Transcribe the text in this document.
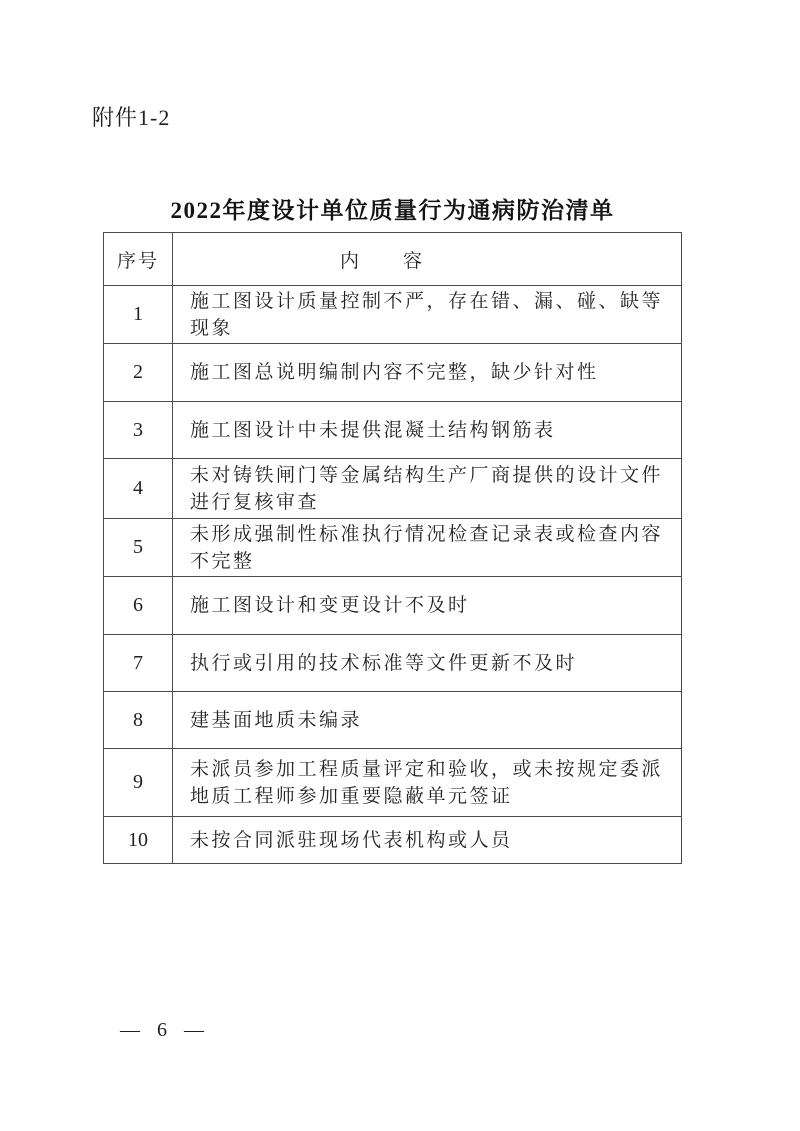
附件1-2
2022年度设计单位质量行为通病防治清单
序号	内　　容
1	施工图设计质量控制不严，存在错、漏、碰、缺等现象
2	施工图总说明编制内容不完整，缺少针对性
3	施工图设计中未提供混凝土结构钢筋表
4	未对铸铁闸门等金属结构生产厂商提供的设计文件进行复核审查
5	未形成强制性标准执行情况检查记录表或检查内容不完整
6	施工图设计和变更设计不及时
7	执行或引用的技术标准等文件更新不及时
8	建基面地质未编录
9	未派员参加工程质量评定和验收，或未按规定委派地质工程师参加重要隐蔽单元签证
10	未按合同派驻现场代表机构或人员
— 6 —
